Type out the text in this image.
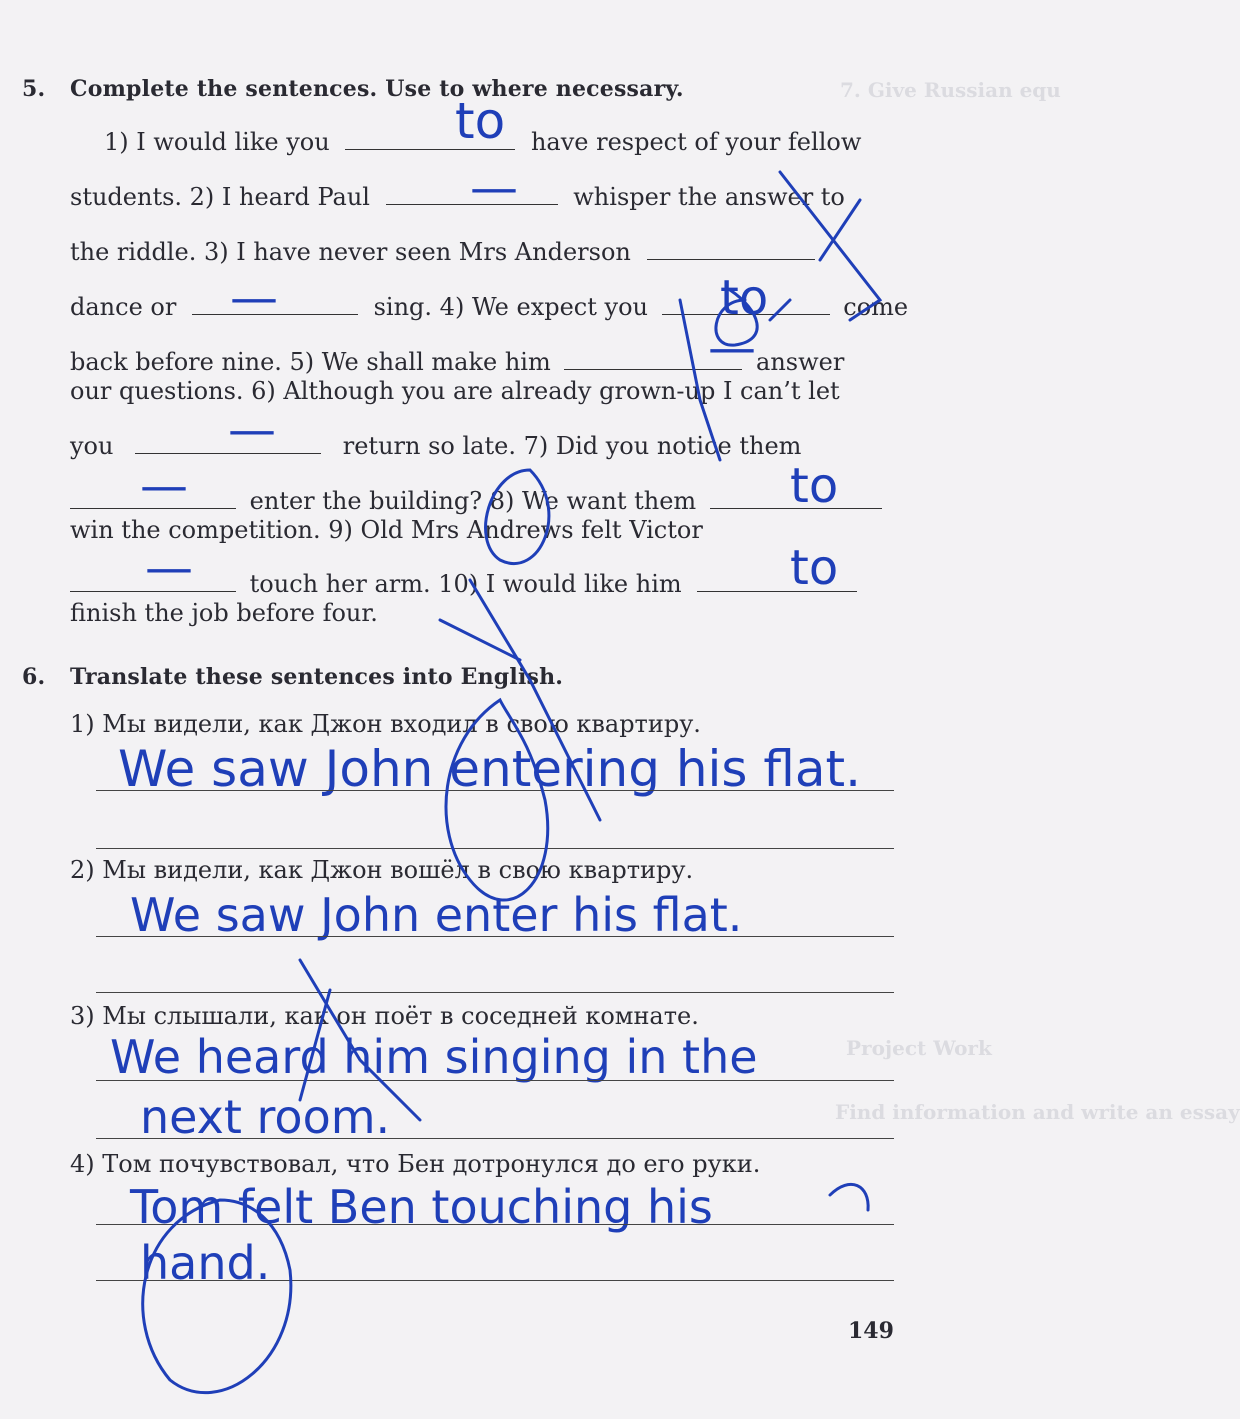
7. Give Russian equ
Project Work
Find information and write an essay
5. Complete the sentences. Use to where necessary.
1) I would like you	have respect of your fellow
students. 2) I heard Paul	whisper the answer to
the riddle. 3) I have never seen Mrs Anderson
dance or	sing. 4) We expect you	come
back before nine. 5) We shall make him	answer
our questions. 6) Although you are already grown-up I can’t let
you	return so late. 7) Did you notice them
enter the building? 8) We want them
win the competition. 9) Old Mrs Andrews felt Victor
touch her arm. 10) I would like him
finish the job before four.
to
—
—	to
—
—
—	to
—	to
6. Translate these sentences into English.
1) Мы видели, как Джон входил в свою квартиру.
We saw John entering his flat.
2) Мы видели, как Джон вошёл в свою квартиру.
We saw John enter his flat.
3) Мы слышали, как он поёт в соседней комнате.
We heard him singing in the
next room.
4) Том почувствовал, что Бен дотронулся до его руки.
Tom felt Ben touching his
hand.
149
